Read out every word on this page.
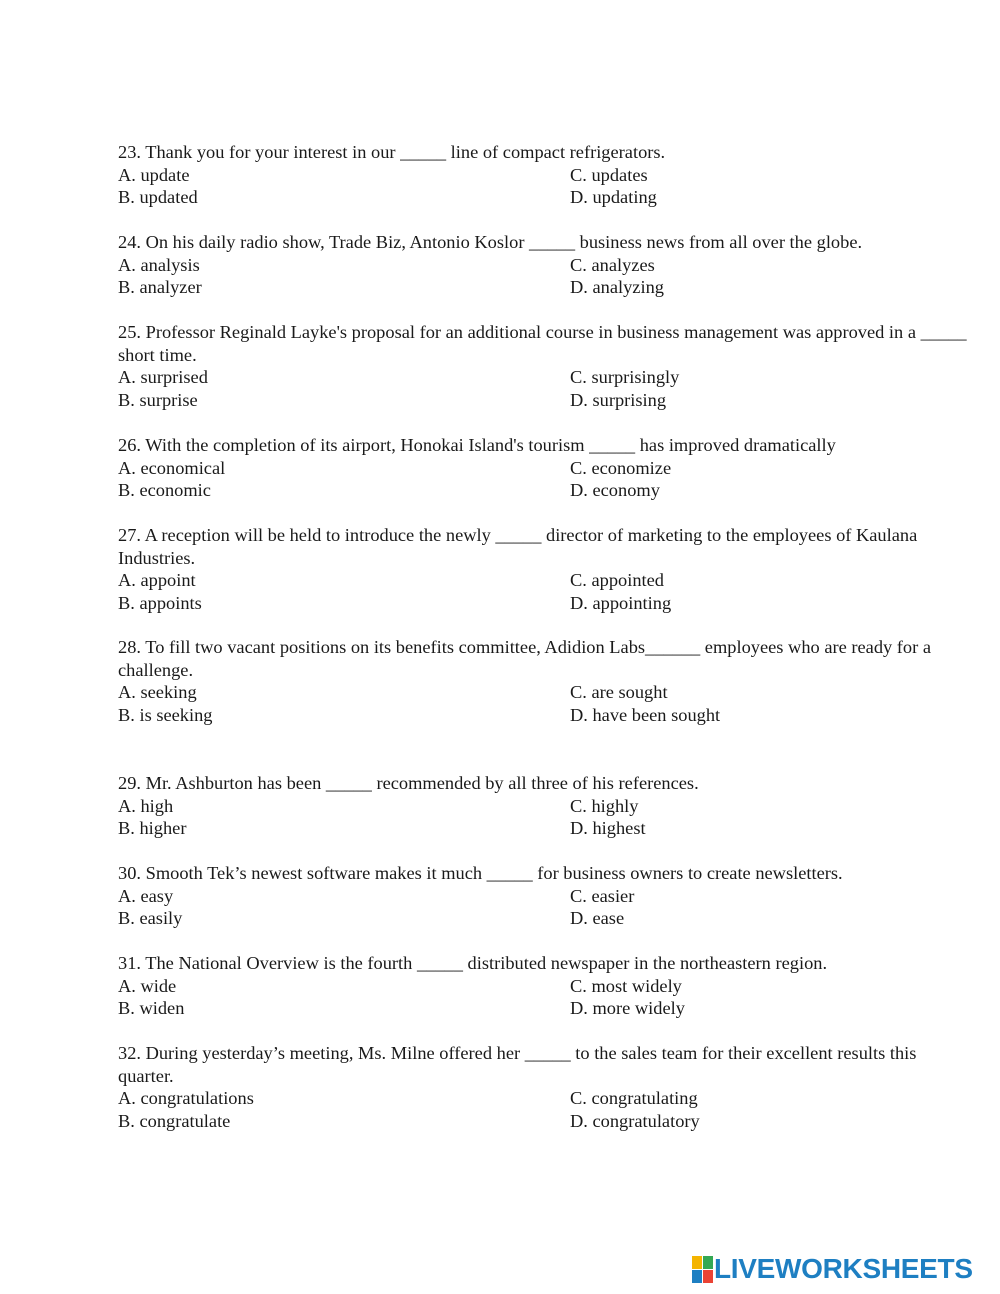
23. Thank you for your interest in our _____ line of compact refrigerators.
A. update	C. updates
B. updated	D. updating
24. On his daily radio show, Trade Biz, Antonio Koslor _____ business news from all over the globe.
A. analysis	C. analyzes
B. analyzer	D. analyzing
25. Professor Reginald Layke's proposal for an additional course in business management was approved in a _____ short time.
A. surprised	C. surprisingly
B. surprise	D. surprising
26. With the completion of its airport, Honokai Island's tourism _____ has improved dramatically
A. economical	C. economize
B. economic	D. economy
27. A reception will be held to introduce the newly _____ director of marketing to the employees of Kaulana Industries.
A. appoint	C. appointed
B. appoints	D. appointing
28. To fill two vacant positions on its benefits committee, Adidion Labs______ employees who are ready for a challenge.
A. seeking	C. are sought
B. is seeking	D. have been sought
29. Mr. Ashburton has been _____ recommended by all three of his references.
A. high	C. highly
B. higher	D. highest
30. Smooth Tek’s newest software makes it much _____ for business owners to create newsletters.
A. easy	C. easier
B. easily	D. ease
31. The National Overview is the fourth _____ distributed newspaper in the northeastern region.
A. wide	C. most widely
B. widen	D. more widely
32. During yesterday’s meeting, Ms. Milne offered her _____ to the sales team for their excellent results this quarter.
A. congratulations	C. congratulating
B. congratulate	D. congratulatory
LIVEWORKSHEETS
